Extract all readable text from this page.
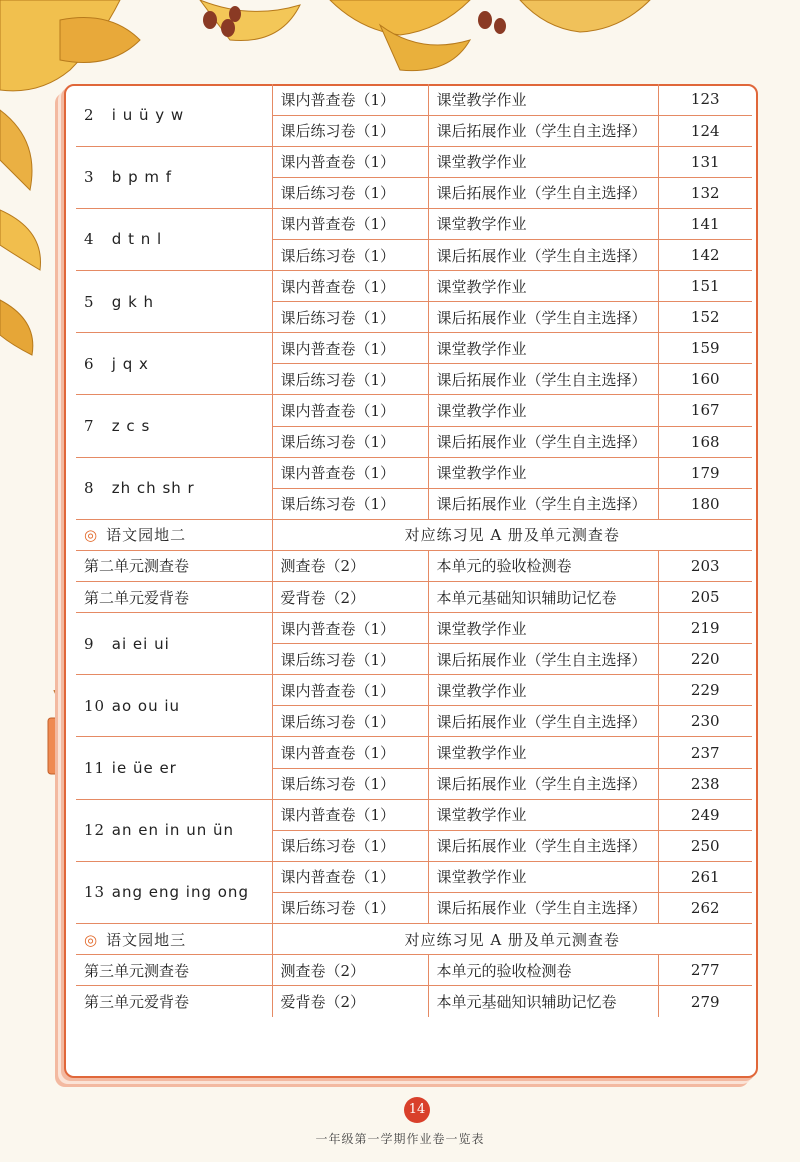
2 i u ü y w	课内普查卷（1）	课堂教学作业	123
	课后练习卷（1）	课后拓展作业（学生自主选择）	124
3 b p m f	课内普查卷（1）	课堂教学作业	131
	课后练习卷（1）	课后拓展作业（学生自主选择）	132
4 d t n l	课内普查卷（1）	课堂教学作业	141
	课后练习卷（1）	课后拓展作业（学生自主选择）	142
5 g k h	课内普查卷（1）	课堂教学作业	151
	课后练习卷（1）	课后拓展作业（学生自主选择）	152
6 j q x	课内普查卷（1）	课堂教学作业	159
	课后练习卷（1）	课后拓展作业（学生自主选择）	160
7 z c s	课内普查卷（1）	课堂教学作业	167
	课后练习卷（1）	课后拓展作业（学生自主选择）	168
8 zh ch sh r	课内普查卷（1）	课堂教学作业	179
	课后练习卷（1）	课后拓展作业（学生自主选择）	180
◎ 语文园地二	对应练习见 A 册及单元测查卷		
第二单元测查卷	测查卷（2）	本单元的验收检测卷	203
第二单元爱背卷	爱背卷（2）	本单元基础知识辅助记忆卷	205
9 ai ei ui	课内普查卷（1）	课堂教学作业	219
	课后练习卷（1）	课后拓展作业（学生自主选择）	220
10 ao ou iu	课内普查卷（1）	课堂教学作业	229
	课后练习卷（1）	课后拓展作业（学生自主选择）	230
11 ie üe er	课内普查卷（1）	课堂教学作业	237
	课后练习卷（1）	课后拓展作业（学生自主选择）	238
12 an en in un ün	课内普查卷（1）	课堂教学作业	249
	课后练习卷（1）	课后拓展作业（学生自主选择）	250
13 ang eng ing ong	课内普查卷（1）	课堂教学作业	261
	课后练习卷（1）	课后拓展作业（学生自主选择）	262
◎ 语文园地三	对应练习见 A 册及单元测查卷		
第三单元测查卷	测查卷（2）	本单元的验收检测卷	277
第三单元爱背卷	爱背卷（2）	本单元基础知识辅助记忆卷	279
14
一年级第一学期作业卷一览表
